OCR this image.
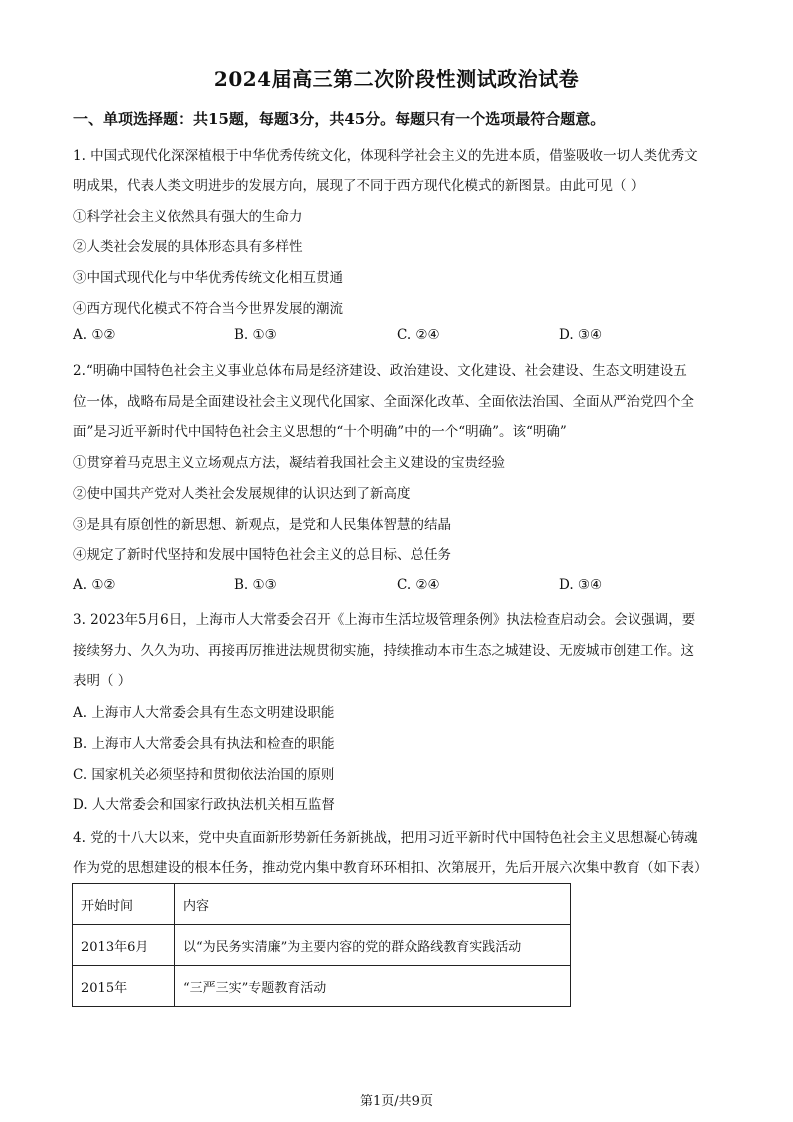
2024届高三第二次阶段性测试政治试卷
一、单项选择题：共15题，每题3分，共45分。每题只有一个选项最符合题意。
1. 中国式现代化深深植根于中华优秀传统文化，体现科学社会主义的先进本质，借鉴吸收一切人类优秀文
明成果，代表人类文明进步的发展方向，展现了不同于西方现代化模式的新图景。由此可见（ ）
①科学社会主义依然具有强大的生命力
②人类社会发展的具体形态具有多样性
③中国式现代化与中华优秀传统文化相互贯通
④西方现代化模式不符合当今世界发展的潮流
A. ①②	B. ①③	C. ②④	D. ③④
2.“明确中国特色社会主义事业总体布局是经济建设、政治建设、文化建设、社会建设、生态文明建设五
位一体，战略布局是全面建设社会主义现代化国家、全面深化改革、全面依法治国、全面从严治党四个全
面”是习近平新时代中国特色社会主义思想的“十个明确”中的一个“明确”。该“明确”
①贯穿着马克思主义立场观点方法，凝结着我国社会主义建设的宝贵经验
②使中国共产党对人类社会发展规律的认识达到了新高度
③是具有原创性的新思想、新观点，是党和人民集体智慧的结晶
④规定了新时代坚持和发展中国特色社会主义的总目标、总任务
A. ①②	B. ①③	C. ②④	D. ③④
3. 2023年5月6日，上海市人大常委会召开《上海市生活垃圾管理条例》执法检查启动会。会议强调，要
接续努力、久久为功、再接再厉推进法规贯彻实施，持续推动本市生态之城建设、无废城市创建工作。这
表明（ ）
A. 上海市人大常委会具有生态文明建设职能
B. 上海市人大常委会具有执法和检查的职能
C. 国家机关必须坚持和贯彻依法治国的原则
D. 人大常委会和国家行政执法机关相互监督
4. 党的十八大以来，党中央直面新形势新任务新挑战，把用习近平新时代中国特色社会主义思想凝心铸魂
作为党的思想建设的根本任务，推动党内集中教育环环相扣、次第展开，先后开展六次集中教育（如下表）
开始时间	内容
2013年6月	以“为民务实清廉”为主要内容的党的群众路线教育实践活动
2015年	“三严三实”专题教育活动
第1页/共9页
